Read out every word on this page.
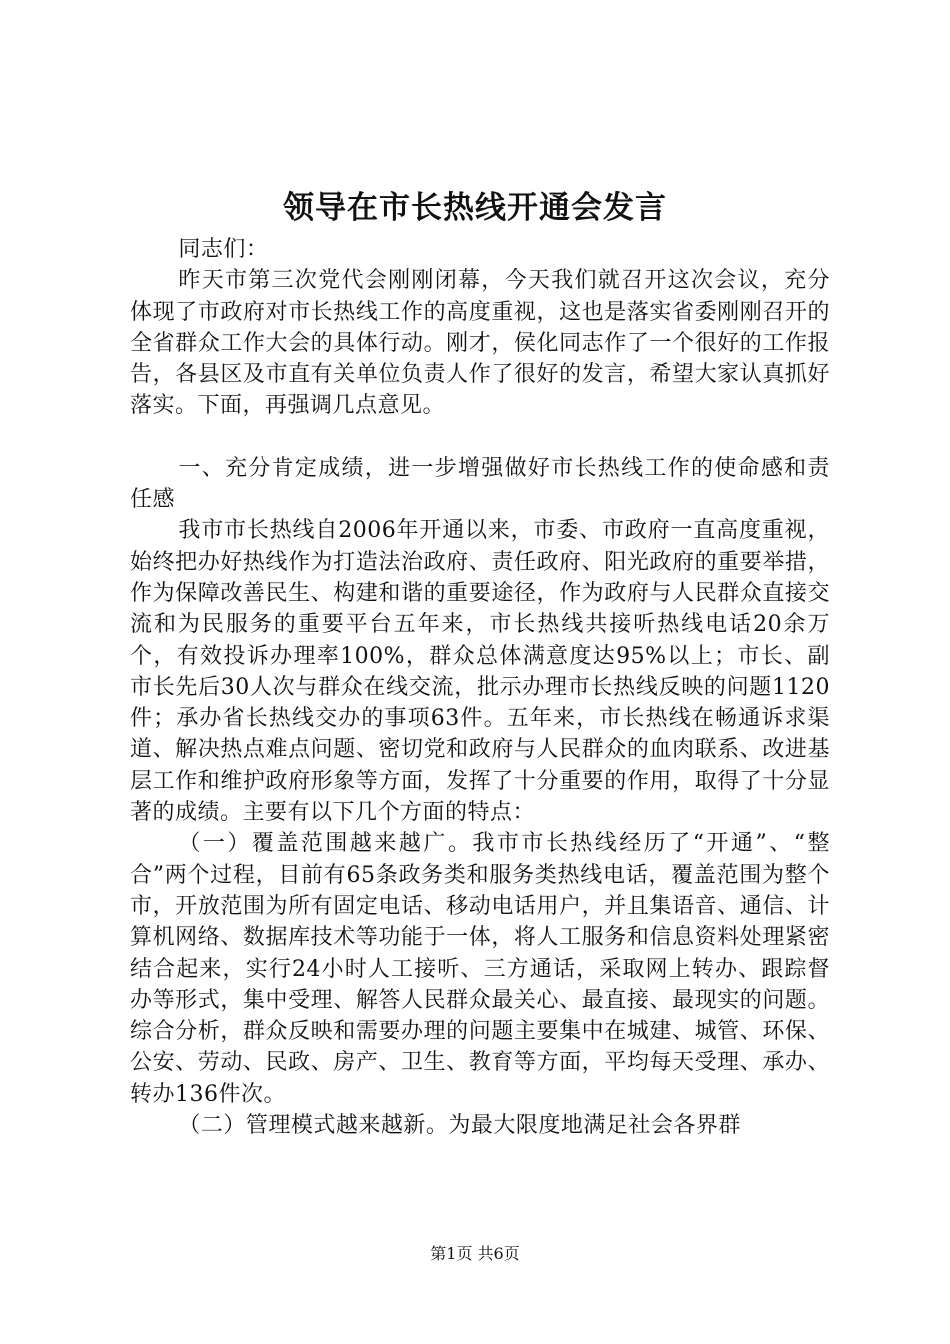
领导在市长热线开通会发言

同志们：

昨天市第三次党代会刚刚闭幕，今天我们就召开这次会议，充分体现了市政府对市长热线工作的高度重视，这也是落实省委刚刚召开的全省群众工作大会的具体行动。刚才，侯化同志作了一个很好的工作报告，各县区及市直有关单位负责人作了很好的发言，希望大家认真抓好落实。下面，再强调几点意见。

一、充分肯定成绩，进一步增强做好市长热线工作的使命感和责任感

我市市长热线自2006年开通以来，市委、市政府一直高度重视，始终把办好热线作为打造法治政府、责任政府、阳光政府的重要举措，作为保障改善民生、构建和谐的重要途径，作为政府与人民群众直接交流和为民服务的重要平台五年来，市长热线共接听热线电话20余万个，有效投诉办理率100%，群众总体满意度达95%以上；市长、副市长先后30人次与群众在线交流，批示办理市长热线反映的问题1120件；承办省长热线交办的事项63件。五年来，市长热线在畅通诉求渠道、解决热点难点问题、密切党和政府与人民群众的血肉联系、改进基层工作和维护政府形象等方面，发挥了十分重要的作用，取得了十分显著的成绩。主要有以下几个方面的特点：

（一）覆盖范围越来越广。我市市长热线经历了“开通”、“整合”两个过程，目前有65条政务类和服务类热线电话，覆盖范围为整个市，开放范围为所有固定电话、移动电话用户，并且集语音、通信、计算机网络、数据库技术等功能于一体，将人工服务和信息资料处理紧密结合起来，实行24小时人工接听、三方通话，采取网上转办、跟踪督办等形式，集中受理、解答人民群众最关心、最直接、最现实的问题。综合分析，群众反映和需要办理的问题主要集中在城建、城管、环保、公安、劳动、民政、房产、卫生、教育等方面，平均每天受理、承办、转办136件次。

（二）管理模式越来越新。为最大限度地满足社会各界群

第1页 共6页
